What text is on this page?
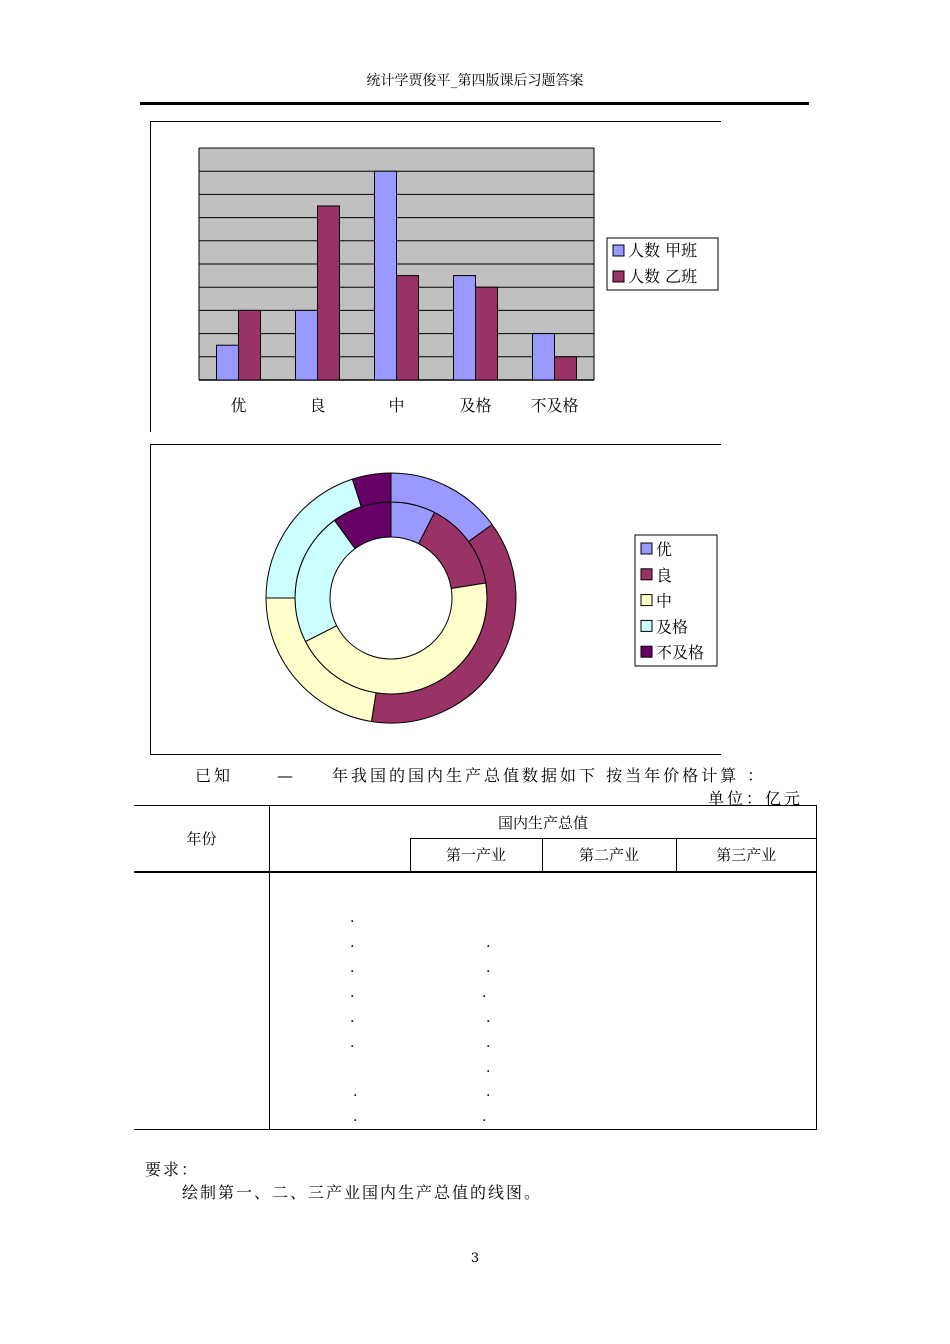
统计学贾俊平_第四版课后习题答案
优	良	中	及格 不及格
人数 甲班
人数 乙班
优
良
中
及格
不及格
已知	— 年我国的国内生产总值数据如下 按当年价格计算 ：
单位：亿元
年份		国内生产总值		
		第一产业	第二产业	第三产业

.
.
.
.
.
.
.
.
.
.
.
.
.
.
.
.
要求：
绘制第一、二、三产业国内生产总值的线图。
3
